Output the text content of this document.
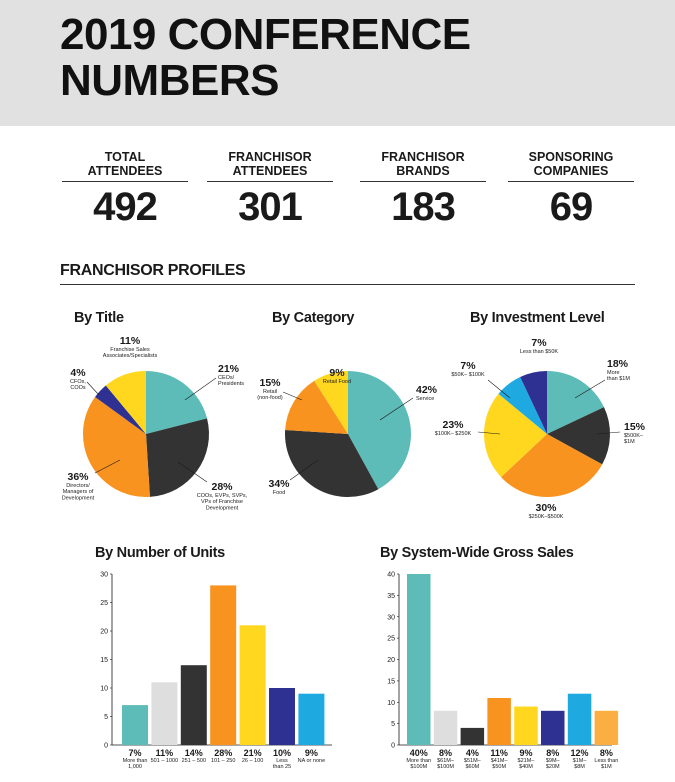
2019 CONFERENCE
NUMBERS
TOTAL
ATTENDEES
492
FRANCHISOR
ATTENDEES
301
FRANCHISOR
BRANDS
183
SPONSORING
COMPANIES
69
FRANCHISOR PROFILES
By Title	By Category	By Investment Level
By Number of Units	By System-Wide Gross Sales
21%
CEOs/
Presidents
28%
COOs, EVPs, SVPs,
VPs of Franchise
Development
36%
Directors/
Managers of
Development
4%
CFOs,
COOs
11%
Franchise Sales
Associates/Specialists
42%
Service
34%
Food
15%
Retail
(non-food)
9%
Retail Food
18%
More
than $1M
15%
$500K–
$1M
30%
$250K–$500K
23%
$100K– $250K
7%
$50K– $100K
7%
Less than $50K
0
5
10
15
20
25
30
7%
More than
1,000
11%
501 – 1000
14%
251 – 500
28%
101 – 250
21%
26 – 100
10%
Less
than 25
9%
NA or none
0
5
10
15
20
25
30
35
40
40%
More than
$100M
8%
$61M–
$100M
4%
$51M–
$60M
11%
$41M–
$50M
9%
$21M–
$40M
8%
$9M–
$20M
12%
$1M–
$8M
8%
Less than
$1M
